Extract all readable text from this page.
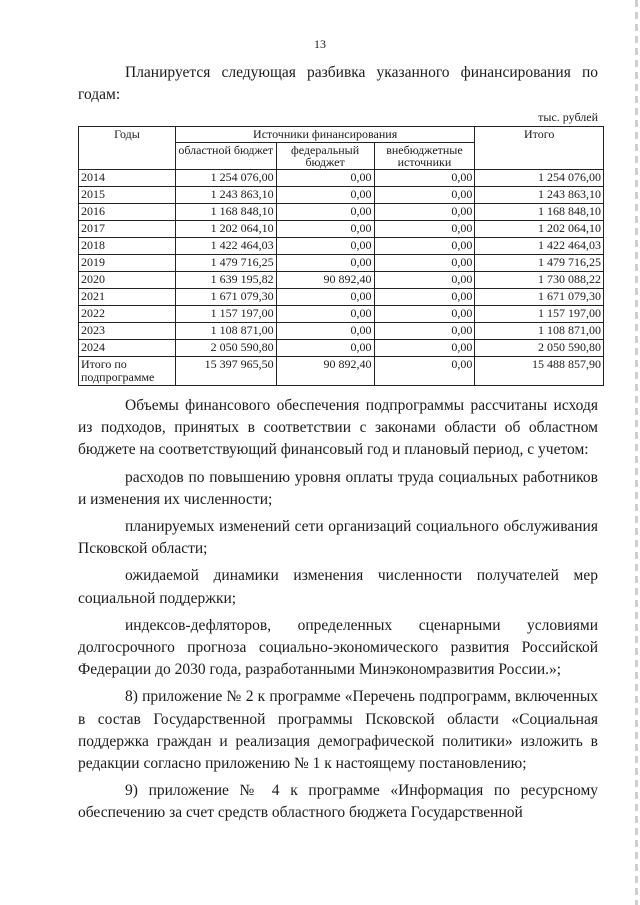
13
Планируется следующая разбивка указанного финансирования по годам:
тыс. рублей
Годы	Источники финансирования			Итого
	областной бюджет	федеральный бюджет	внебюджетные источники	
2014	1 254 076,00	0,00	0,00	1 254 076,00
2015	1 243 863,10	0,00	0,00	1 243 863,10
2016	1 168 848,10	0,00	0,00	1 168 848,10
2017	1 202 064,10	0,00	0,00	1 202 064,10
2018	1 422 464,03	0,00	0,00	1 422 464,03
2019	1 479 716,25	0,00	0,00	1 479 716,25
2020	1 639 195,82	90 892,40	0,00	1 730 088,22
2021	1 671 079,30	0,00	0,00	1 671 079,30
2022	1 157 197,00	0,00	0,00	1 157 197,00
2023	1 108 871,00	0,00	0,00	1 108 871,00
2024	2 050 590,80	0,00	0,00	2 050 590,80
Итого по подпрограмме	15 397 965,50	90 892,40	0,00	15 488 857,90

Объемы финансового обеспечения подпрограммы рассчитаны исходя из подходов, принятых в соответствии с законами области об областном бюджете на соответствующий финансовый год и плановый период, с учетом:

расходов по повышению уровня оплаты труда социальных работников и изменения их численности;

планируемых изменений сети организаций социального обслуживания Псковской области;

ожидаемой динамики изменения численности получателей мер социальной поддержки;

индексов-дефляторов, определенных сценарными условиями долгосрочного прогноза социально-экономического развития Российской Федерации до 2030 года, разработанными Минэкономразвития России.»;

8) приложение № 2 к программе «Перечень подпрограмм, включенных в состав Государственной программы Псковской области «Социальная поддержка граждан и реализация демографической политики» изложить в редакции согласно приложению № 1 к настоящему постановлению;

9) приложение № 4 к программе «Информация по ресурсному обеспечению за счет средств областного бюджета Государственной
